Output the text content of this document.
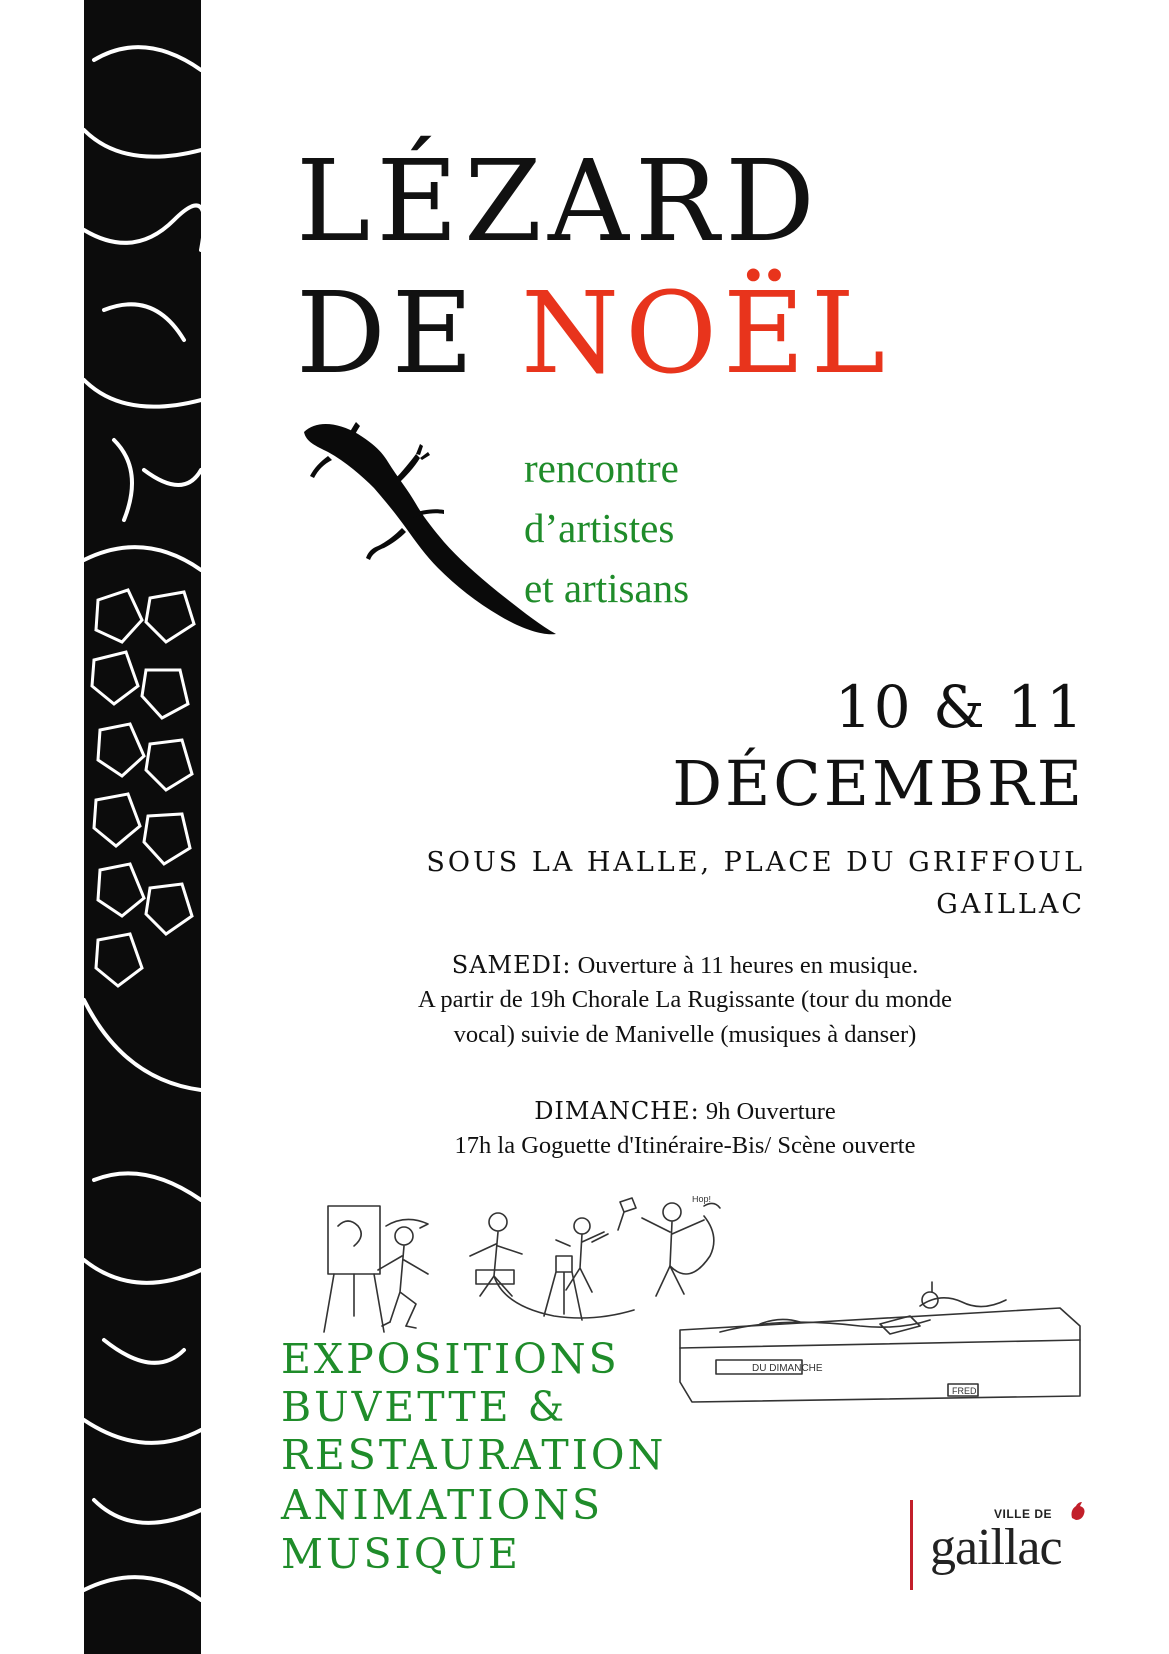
LÉZARD
DE NOËL
rencontre
d’artistes
et artisans
10 & 11
DÉCEMBRE
SOUS LA HALLE, PLACE DU GRIFFOUL
GAILLAC
SAMEDI: Ouverture à 11 heures en musique.
A partir de 19h Chorale La Rugissante (tour du monde
vocal) suivie de Manivelle (musiques à danser)
DIMANCHE: 9h Ouverture
17h la Goguette d'Itinéraire-Bis/ Scène ouverte
DU DIMANCHE
Hop!
FRED
EXPOSITIONS
BUVETTE &
RESTAURATION
ANIMATIONS
MUSIQUE
VILLE DE
gaillac
